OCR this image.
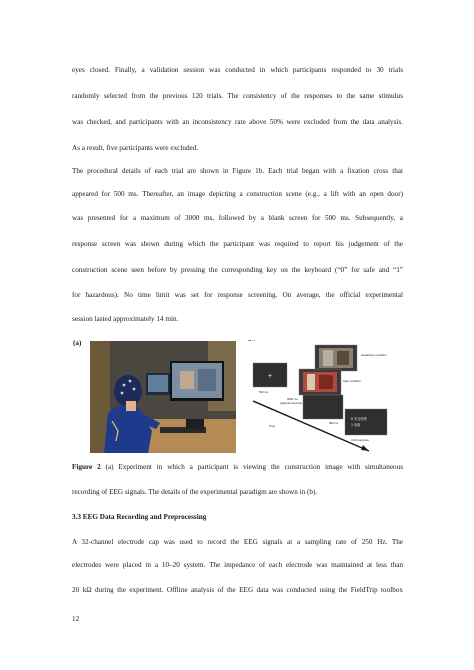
eyes closed. Finally, a validation session was conducted in which participants responded to 30 trials
randomly selected from the previous 120 trials. The consistency of the responses to the same stimulus
was checked, and participants with an inconsistency rate above 50% were excluded from the data analysis.
As a result, five participants were excluded.
The procedural details of each trial are shown in Figure 1b. Each trial began with a fixation cross that
appeared for 500 ms. Thereafter, an image depicting a construction scene (e.g., a lift with an open door)
was presented for a maximum of 3000 ms, followed by a blank screen for 500 ms. Subsequently, a
response screen was shown during which the participant was required to report his judgement of the
construction scene seen before by pressing the corresponding key on the keyboard (“0” for safe and “1”
for hazardous). No time limit was set for response screening. On average, the official experimental
session lasted approximately 14 min.
(a)
+
Hazardous condition
Safe condition
500 ms
3000 ms
(optional response)
500 ms
Time
Until response
0 安全场景
1 危险
Figure 2 (a) Experiment in which a participant is viewing the construction image with simultaneous
recording of EEG signals. The details of the experimental paradigm are shown in (b).
3.3 EEG Data Recording and Preprocessing
A 32-channel electrode cap was used to record the EEG signals at a sampling rate of 250 Hz. The
electrodes were placed in a 10–20 system. The impedance of each electrode was maintained at less than
20 kΩ during the experiment. Offline analysis of the EEG data was conducted using the FieldTrip toolbox
12
